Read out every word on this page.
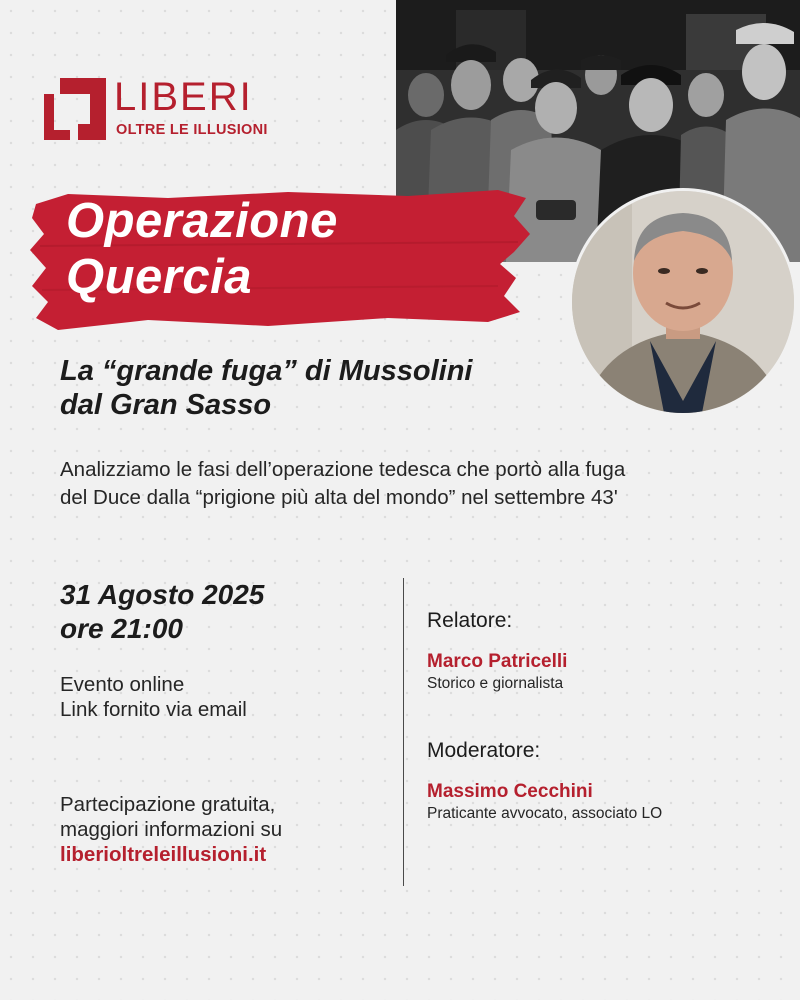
LIBERI
OLTRE LE ILLUSIONI
Operazione
Quercia
La “grande fuga” di Mussolini
dal Gran Sasso

Analizziamo le fasi dell’operazione tedesca che portò alla fuga
del Duce dalla “prigione più alta del mondo” nel settembre 43'

31 Agosto 2025
ore 21:00
Evento online
Link fornito via email
Partecipazione gratuita,
maggiori informazioni su
liberioltreleillusioni.it
Relatore:
Marco Patricelli
Storico e giornalista
Moderatore:
Massimo Cecchini
Praticante avvocato, associato LO
